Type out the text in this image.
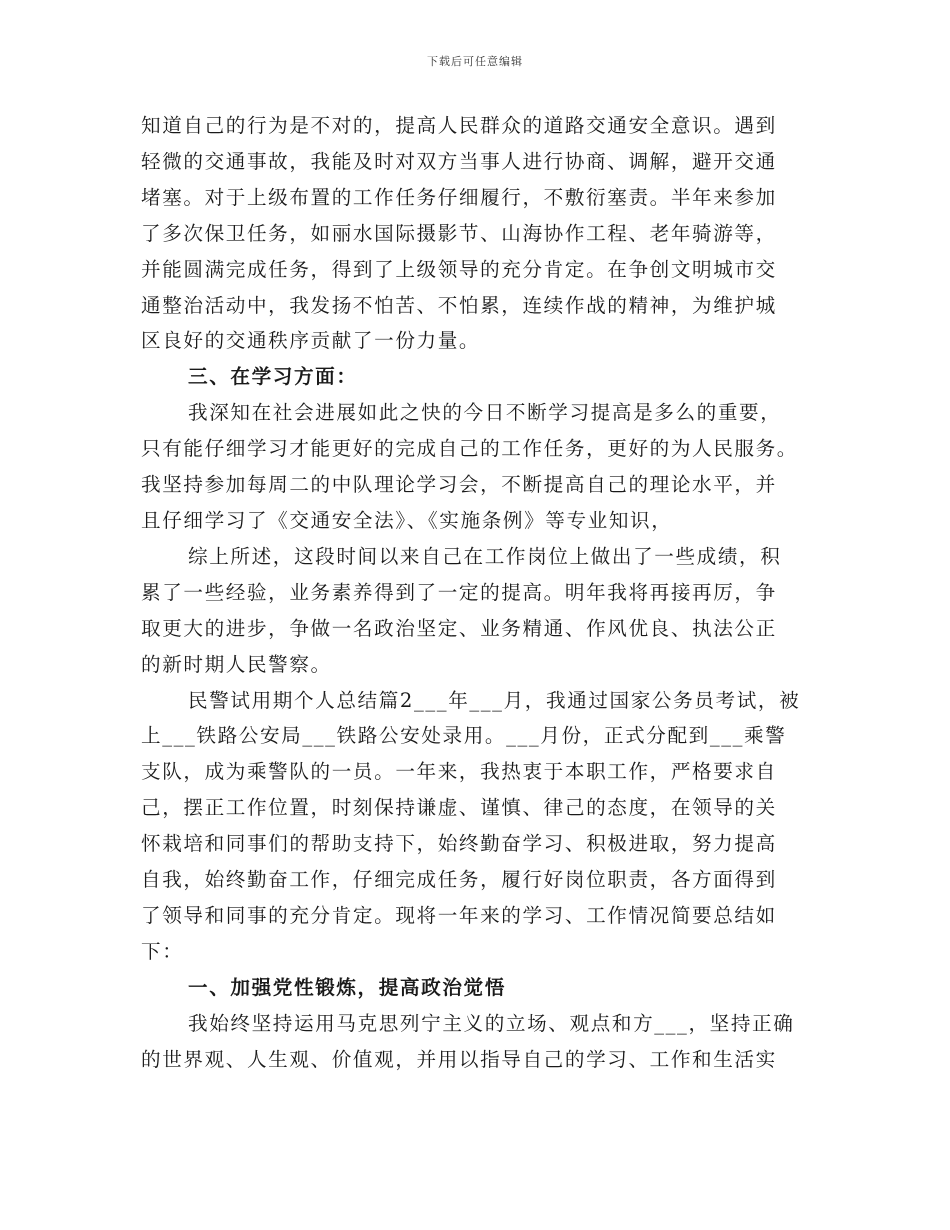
下载后可任意编辑
知道自己的行为是不对的，提高人民群众的道路交通安全意识。遇到
轻微的交通事故，我能及时对双方当事人进行协商、调解，避开交通
堵塞。对于上级布置的工作任务仔细履行，不敷衍塞责。半年来参加
了多次保卫任务，如丽水国际摄影节、山海协作工程、老年骑游等，
并能圆满完成任务，得到了上级领导的充分肯定。在争创文明城市交
通整治活动中，我发扬不怕苦、不怕累，连续作战的精神，为维护城
区良好的交通秩序贡献了一份力量。
三、在学习方面：
我深知在社会进展如此之快的今日不断学习提高是多么的重要，
只有能仔细学习才能更好的完成自己的工作任务，更好的为人民服务。
我坚持参加每周二的中队理论学习会，不断提高自己的理论水平，并
且仔细学习了《交通安全法》、《实施条例》等专业知识，
综上所述，这段时间以来自己在工作岗位上做出了一些成绩，积
累了一些经验，业务素养得到了一定的提高。明年我将再接再厉，争
取更大的进步，争做一名政治坚定、业务精通、作风优良、执法公正
的新时期人民警察。
民警试用期个人总结篇2___年___月，我通过国家公务员考试，被
上___铁路公安局___铁路公安处录用。___月份，正式分配到___乘警
支队，成为乘警队的一员。一年来，我热衷于本职工作，严格要求自
己，摆正工作位置，时刻保持谦虚、谨慎、律己的态度，在领导的关
怀栽培和同事们的帮助支持下，始终勤奋学习、积极进取，努力提高
自我，始终勤奋工作，仔细完成任务，履行好岗位职责，各方面得到
了领导和同事的充分肯定。现将一年来的学习、工作情况简要总结如
下：
一、加强党性锻炼，提高政治觉悟
我始终坚持运用马克思列宁主义的立场、观点和方___，坚持正确
的世界观、人生观、价值观，并用以指导自己的学习、工作和生活实
